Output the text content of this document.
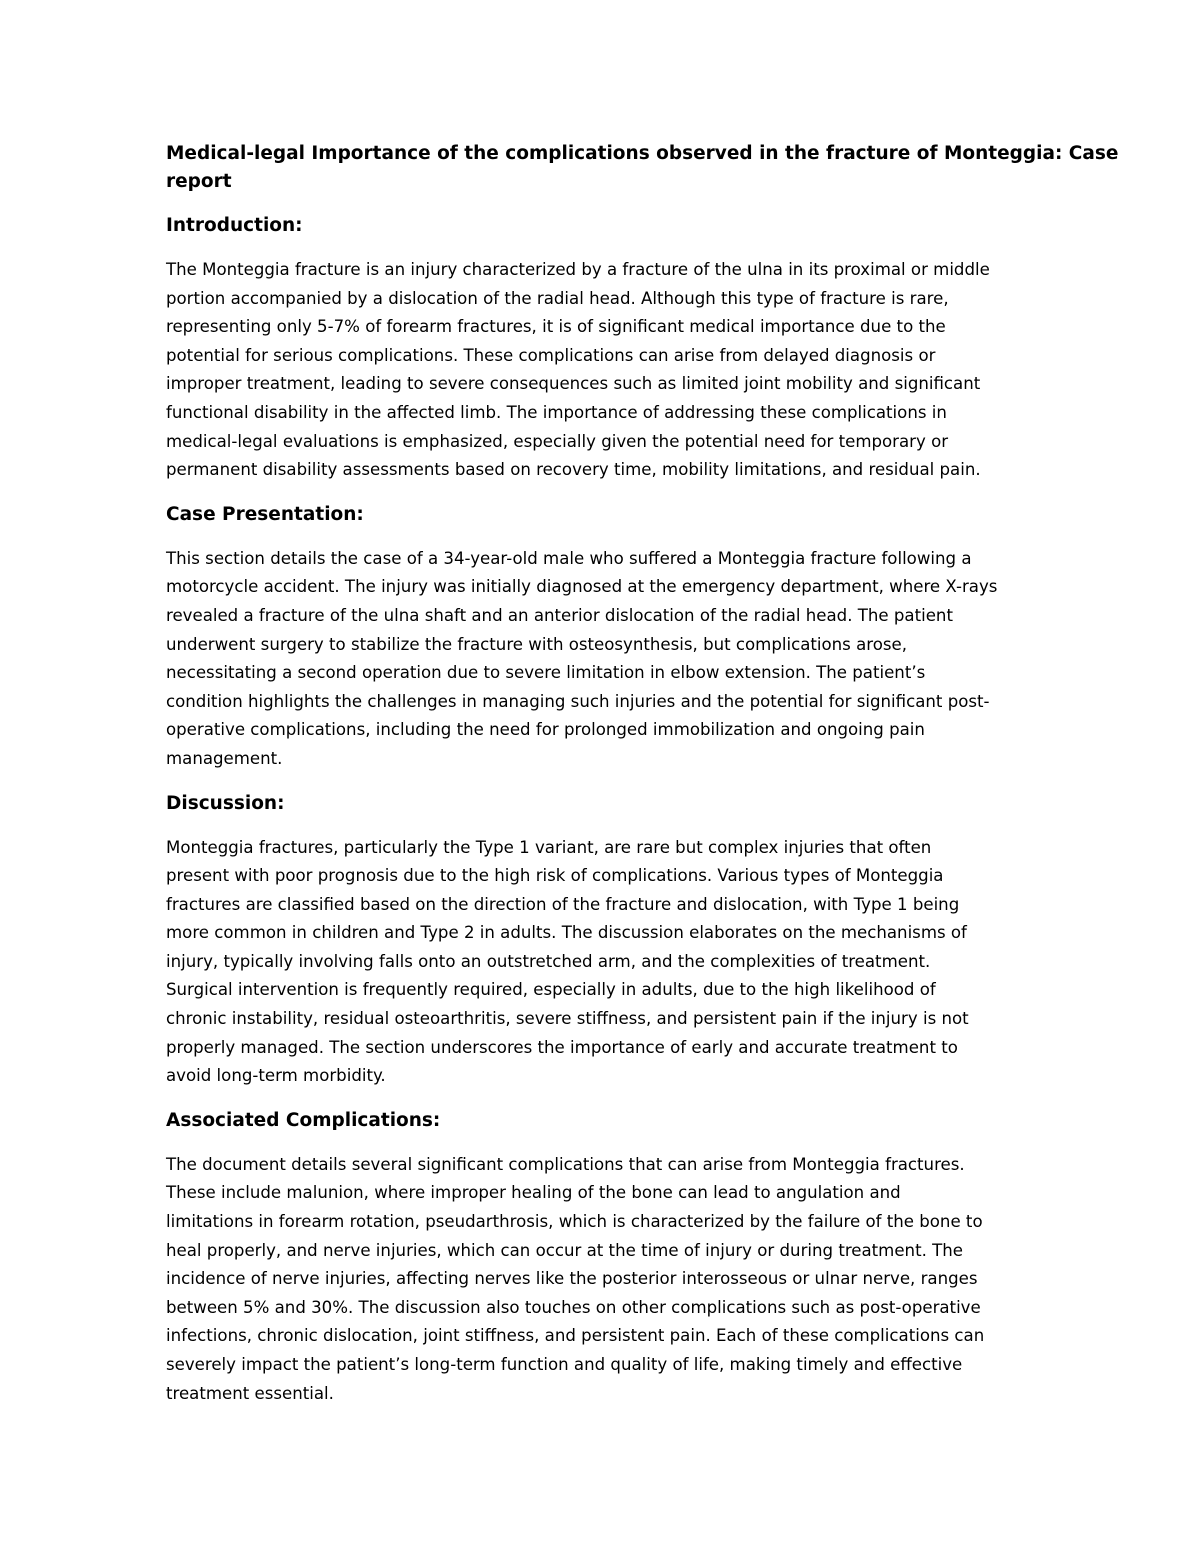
Medical-legal Importance of the complications observed in the fracture of Monteggia: Case
report
Introduction:
The Monteggia fracture is an injury characterized by a fracture of the ulna in its proximal or middle
portion accompanied by a dislocation of the radial head. Although this type of fracture is rare,
representing only 5-7% of forearm fractures, it is of significant medical importance due to the
potential for serious complications. These complications can arise from delayed diagnosis or
improper treatment, leading to severe consequences such as limited joint mobility and significant
functional disability in the affected limb. The importance of addressing these complications in
medical-legal evaluations is emphasized, especially given the potential need for temporary or
permanent disability assessments based on recovery time, mobility limitations, and residual pain.
Case Presentation:
This section details the case of a 34-year-old male who suffered a Monteggia fracture following a
motorcycle accident. The injury was initially diagnosed at the emergency department, where X-rays
revealed a fracture of the ulna shaft and an anterior dislocation of the radial head. The patient
underwent surgery to stabilize the fracture with osteosynthesis, but complications arose,
necessitating a second operation due to severe limitation in elbow extension. The patient’s
condition highlights the challenges in managing such injuries and the potential for significant post-
operative complications, including the need for prolonged immobilization and ongoing pain
management.
Discussion:
Monteggia fractures, particularly the Type 1 variant, are rare but complex injuries that often
present with poor prognosis due to the high risk of complications. Various types of Monteggia
fractures are classified based on the direction of the fracture and dislocation, with Type 1 being
more common in children and Type 2 in adults. The discussion elaborates on the mechanisms of
injury, typically involving falls onto an outstretched arm, and the complexities of treatment.
Surgical intervention is frequently required, especially in adults, due to the high likelihood of
chronic instability, residual osteoarthritis, severe stiffness, and persistent pain if the injury is not
properly managed. The section underscores the importance of early and accurate treatment to
avoid long-term morbidity.
Associated Complications:
The document details several significant complications that can arise from Monteggia fractures.
These include malunion, where improper healing of the bone can lead to angulation and
limitations in forearm rotation, pseudarthrosis, which is characterized by the failure of the bone to
heal properly, and nerve injuries, which can occur at the time of injury or during treatment. The
incidence of nerve injuries, affecting nerves like the posterior interosseous or ulnar nerve, ranges
between 5% and 30%. The discussion also touches on other complications such as post-operative
infections, chronic dislocation, joint stiffness, and persistent pain. Each of these complications can
severely impact the patient’s long-term function and quality of life, making timely and effective
treatment essential.
